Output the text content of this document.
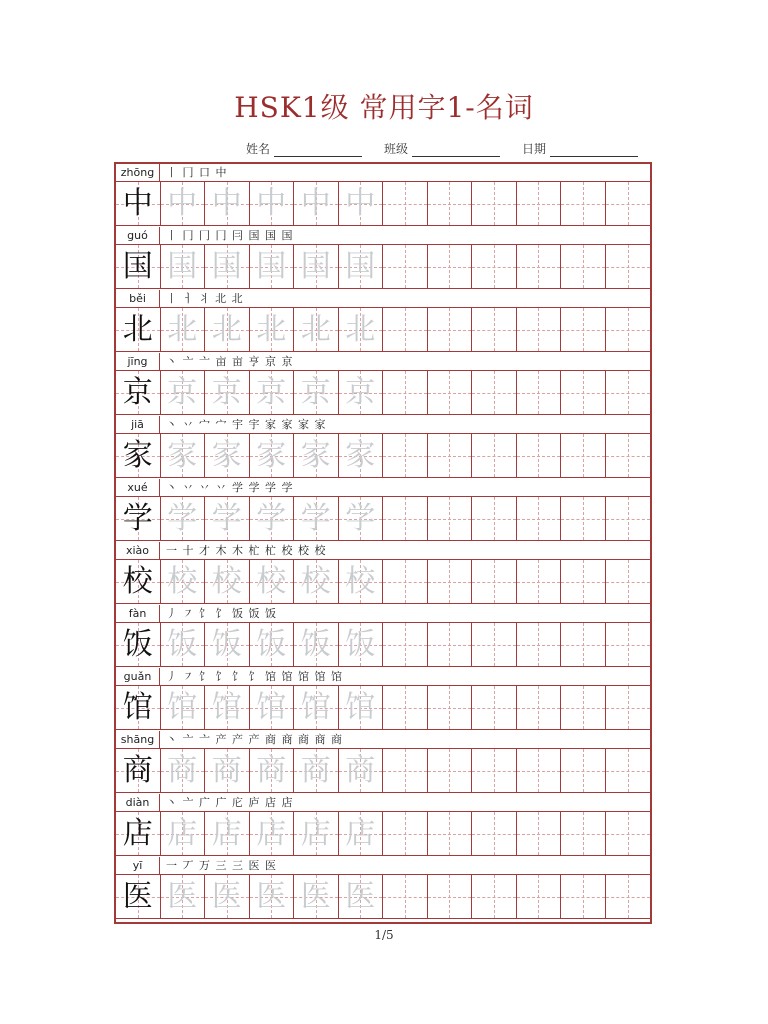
HSK1级 常用字1-名词
姓名	班级	日期
zhōng	丨 冂 口 中
中 中 中 中 中 中
guó	丨 冂 冂 冂 冃 国 国 国
国 国 国 国 国 国
běi	丨 ㅓ 丬 北 北
北 北 北 北 北 北
jīng	丶 亠 亠 亩 亩 亨 京 京
京 京 京 京 京 京
jiā	丶 丷 宀 宀 宇 宇 家 家 家 家
家 家 家 家 家 家
xué	丶 丷 丷 丷 学 学 学 学
学 学 学 学 学 学
xiào	一 十 才 木 木 杧 杧 校 校 校
校 校 校 校 校 校
fàn	丿 ㇇ 饣 饣 饭 饭 饭
饭 饭 饭 饭 饭 饭
guǎn	丿 ㇇ 饣 饣 饣 饣 馆 馆 馆 馆 馆
馆 馆 馆 馆 馆 馆
shāng	丶 亠 亠 产 产 产 商 商 商 商 商
商 商 商 商 商 商
diàn	丶 亠 广 广 庀 庐 店 店
店 店 店 店 店 店
yī	一 丆 万 三 三 医 医
医 医 医 医 医 医
1/5
